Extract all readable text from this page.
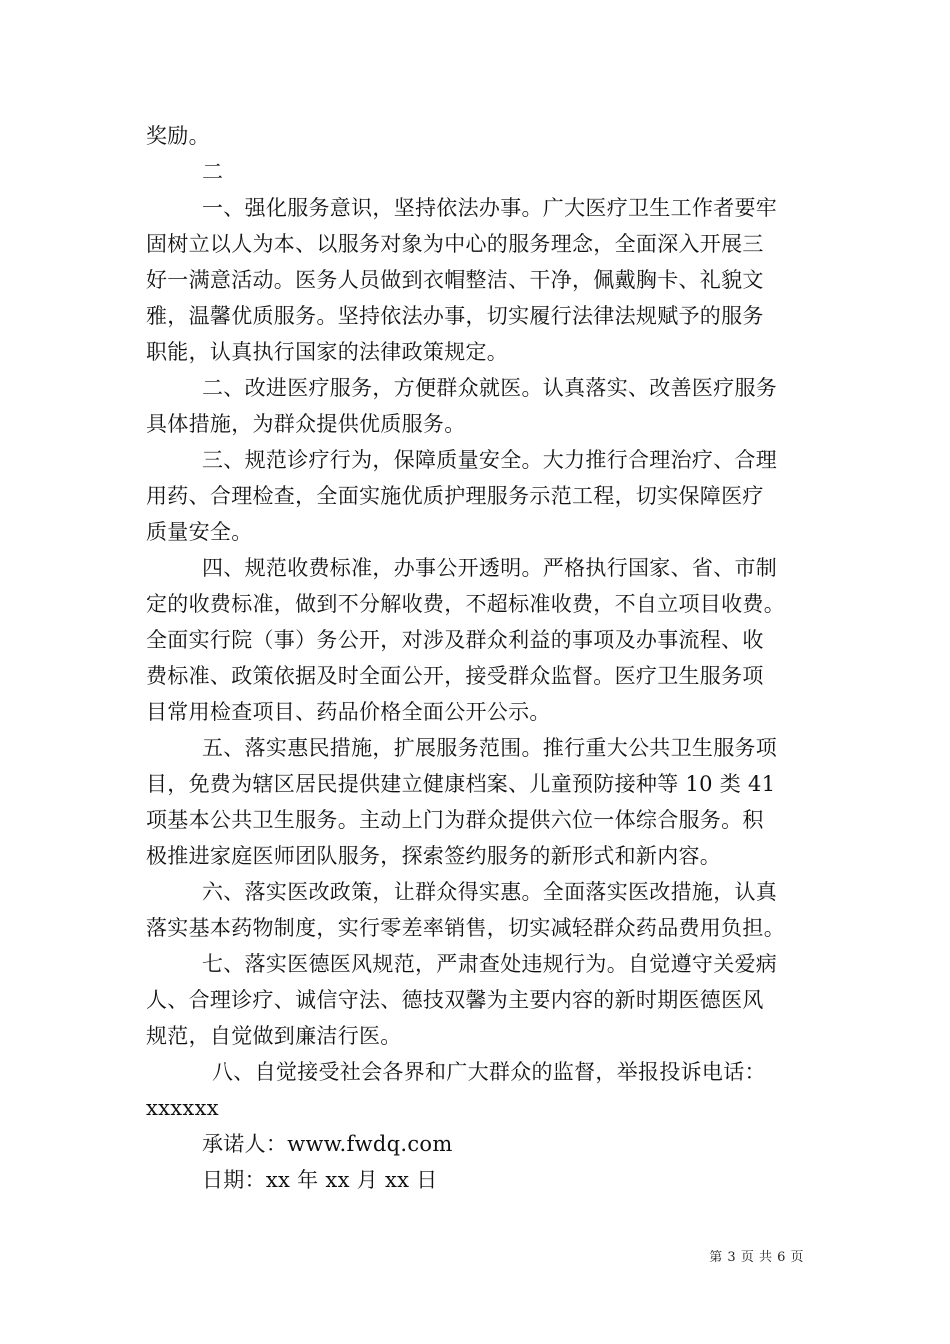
奖励。

二

一、强化服务意识，坚持依法办事。广大医疗卫生工作者要牢

固树立以人为本、以服务对象为中心的服务理念，全面深入开展三

好一满意活动。医务人员做到衣帽整洁、干净，佩戴胸卡、礼貌文

雅，温馨优质服务。坚持依法办事，切实履行法律法规赋予的服务

职能，认真执行国家的法律政策规定。

二、改进医疗服务，方便群众就医。认真落实、改善医疗服务

具体措施，为群众提供优质服务。

三、规范诊疗行为，保障质量安全。大力推行合理治疗、合理

用药、合理检查，全面实施优质护理服务示范工程，切实保障医疗

质量安全。

四、规范收费标准，办事公开透明。严格执行国家、省、市制

定的收费标准，做到不分解收费，不超标准收费，不自立项目收费。

全面实行院（事）务公开，对涉及群众利益的事项及办事流程、收

费标准、政策依据及时全面公开，接受群众监督。医疗卫生服务项

目常用检查项目、药品价格全面公开公示。

五、落实惠民措施，扩展服务范围。推行重大公共卫生服务项

目，免费为辖区居民提供建立健康档案、儿童预防接种等 10 类 41

项基本公共卫生服务。主动上门为群众提供六位一体综合服务。积

极推进家庭医师团队服务，探索签约服务的新形式和新内容。

六、落实医改政策，让群众得实惠。全面落实医改措施，认真

落实基本药物制度，实行零差率销售，切实减轻群众药品费用负担。

七、落实医德医风规范，严肃查处违规行为。自觉遵守关爱病

人、合理诊疗、诚信守法、德技双馨为主要内容的新时期医德医风

规范，自觉做到廉洁行医。

八、自觉接受社会各界和广大群众的监督，举报投诉电话：

xxxxxx

承诺人：www.fwdq.com

日期：xx 年 xx 月 xx 日

第 3 页 共 6 页
